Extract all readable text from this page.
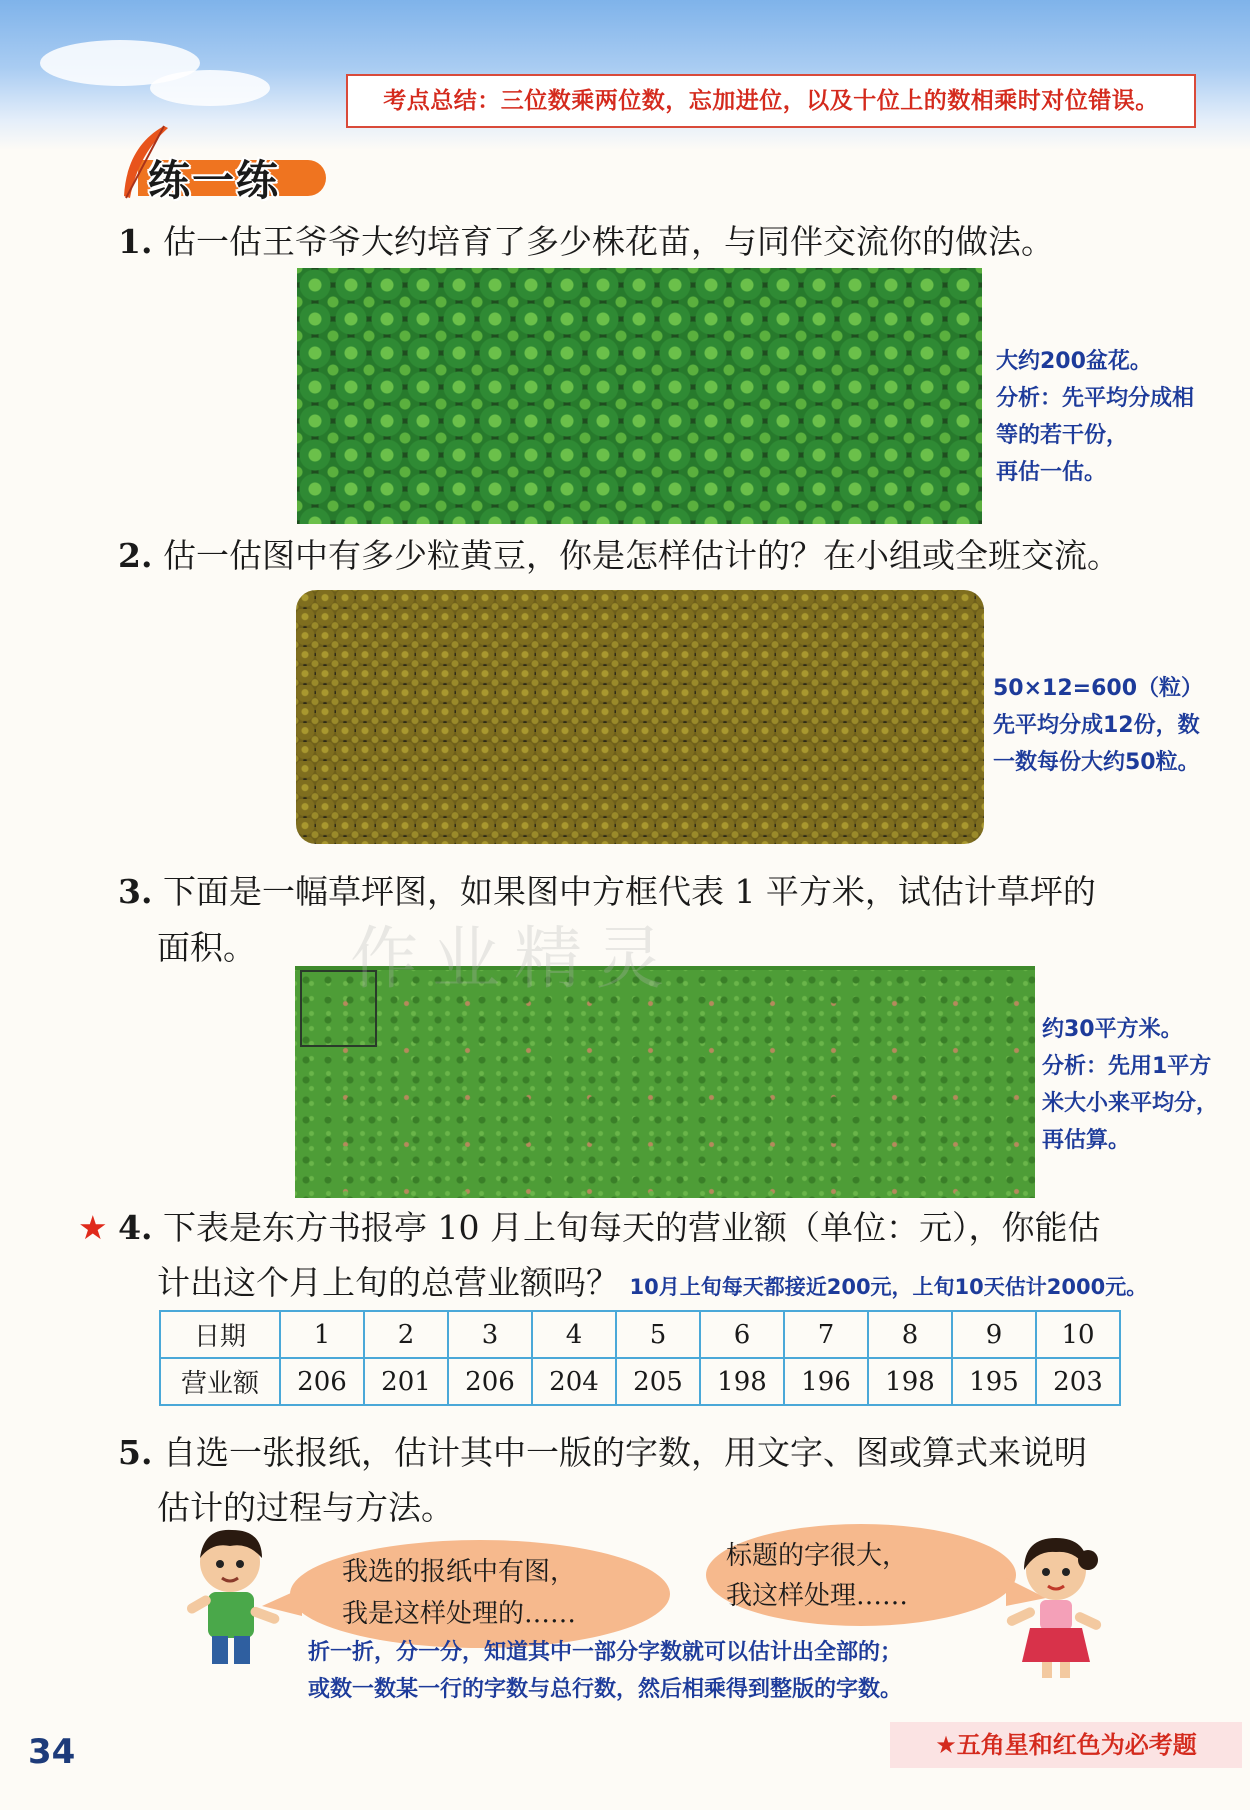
考点总结：三位数乘两位数，忘加进位，以及十位上的数相乘时对位错误。
练一练
1. 估一估王爷爷大约培育了多少株花苗，与同伴交流你的做法。
大约200盆花。
分析：先平均分成相
等的若干份，
再估一估。
2. 估一估图中有多少粒黄豆，你是怎样估计的？在小组或全班交流。
50×12=600（粒）
先平均分成12份，数
一数每份大约50粒。
3. 下面是一幅草坪图，如果图中方框代表 1 平方米，试估计草坪的
面积。
约30平方米。
分析：先用1平方
米大小来平均分，
再估算。
作业精灵
★ 4. 下表是东方书报亭 10 月上旬每天的营业额（单位：元），你能估
计出这个月上旬的总营业额吗？ 10月上旬每天都接近200元，上旬10天估计2000元。
日期	1	2	3	4	5	6	7	8	9	10
营业额	206	201	206	204	205	198	196	198	195	203
5. 自选一张报纸，估计其中一版的字数，用文字、图或算式来说明
估计的过程与方法。
我选的报纸中有图，
我是这样处理的……
标题的字很大，
我这样处理……
折一折，分一分，知道其中一部分字数就可以估计出全部的；
或数一数某一行的字数与总行数，然后相乘得到整版的字数。
34	★五角星和红色为必考题
